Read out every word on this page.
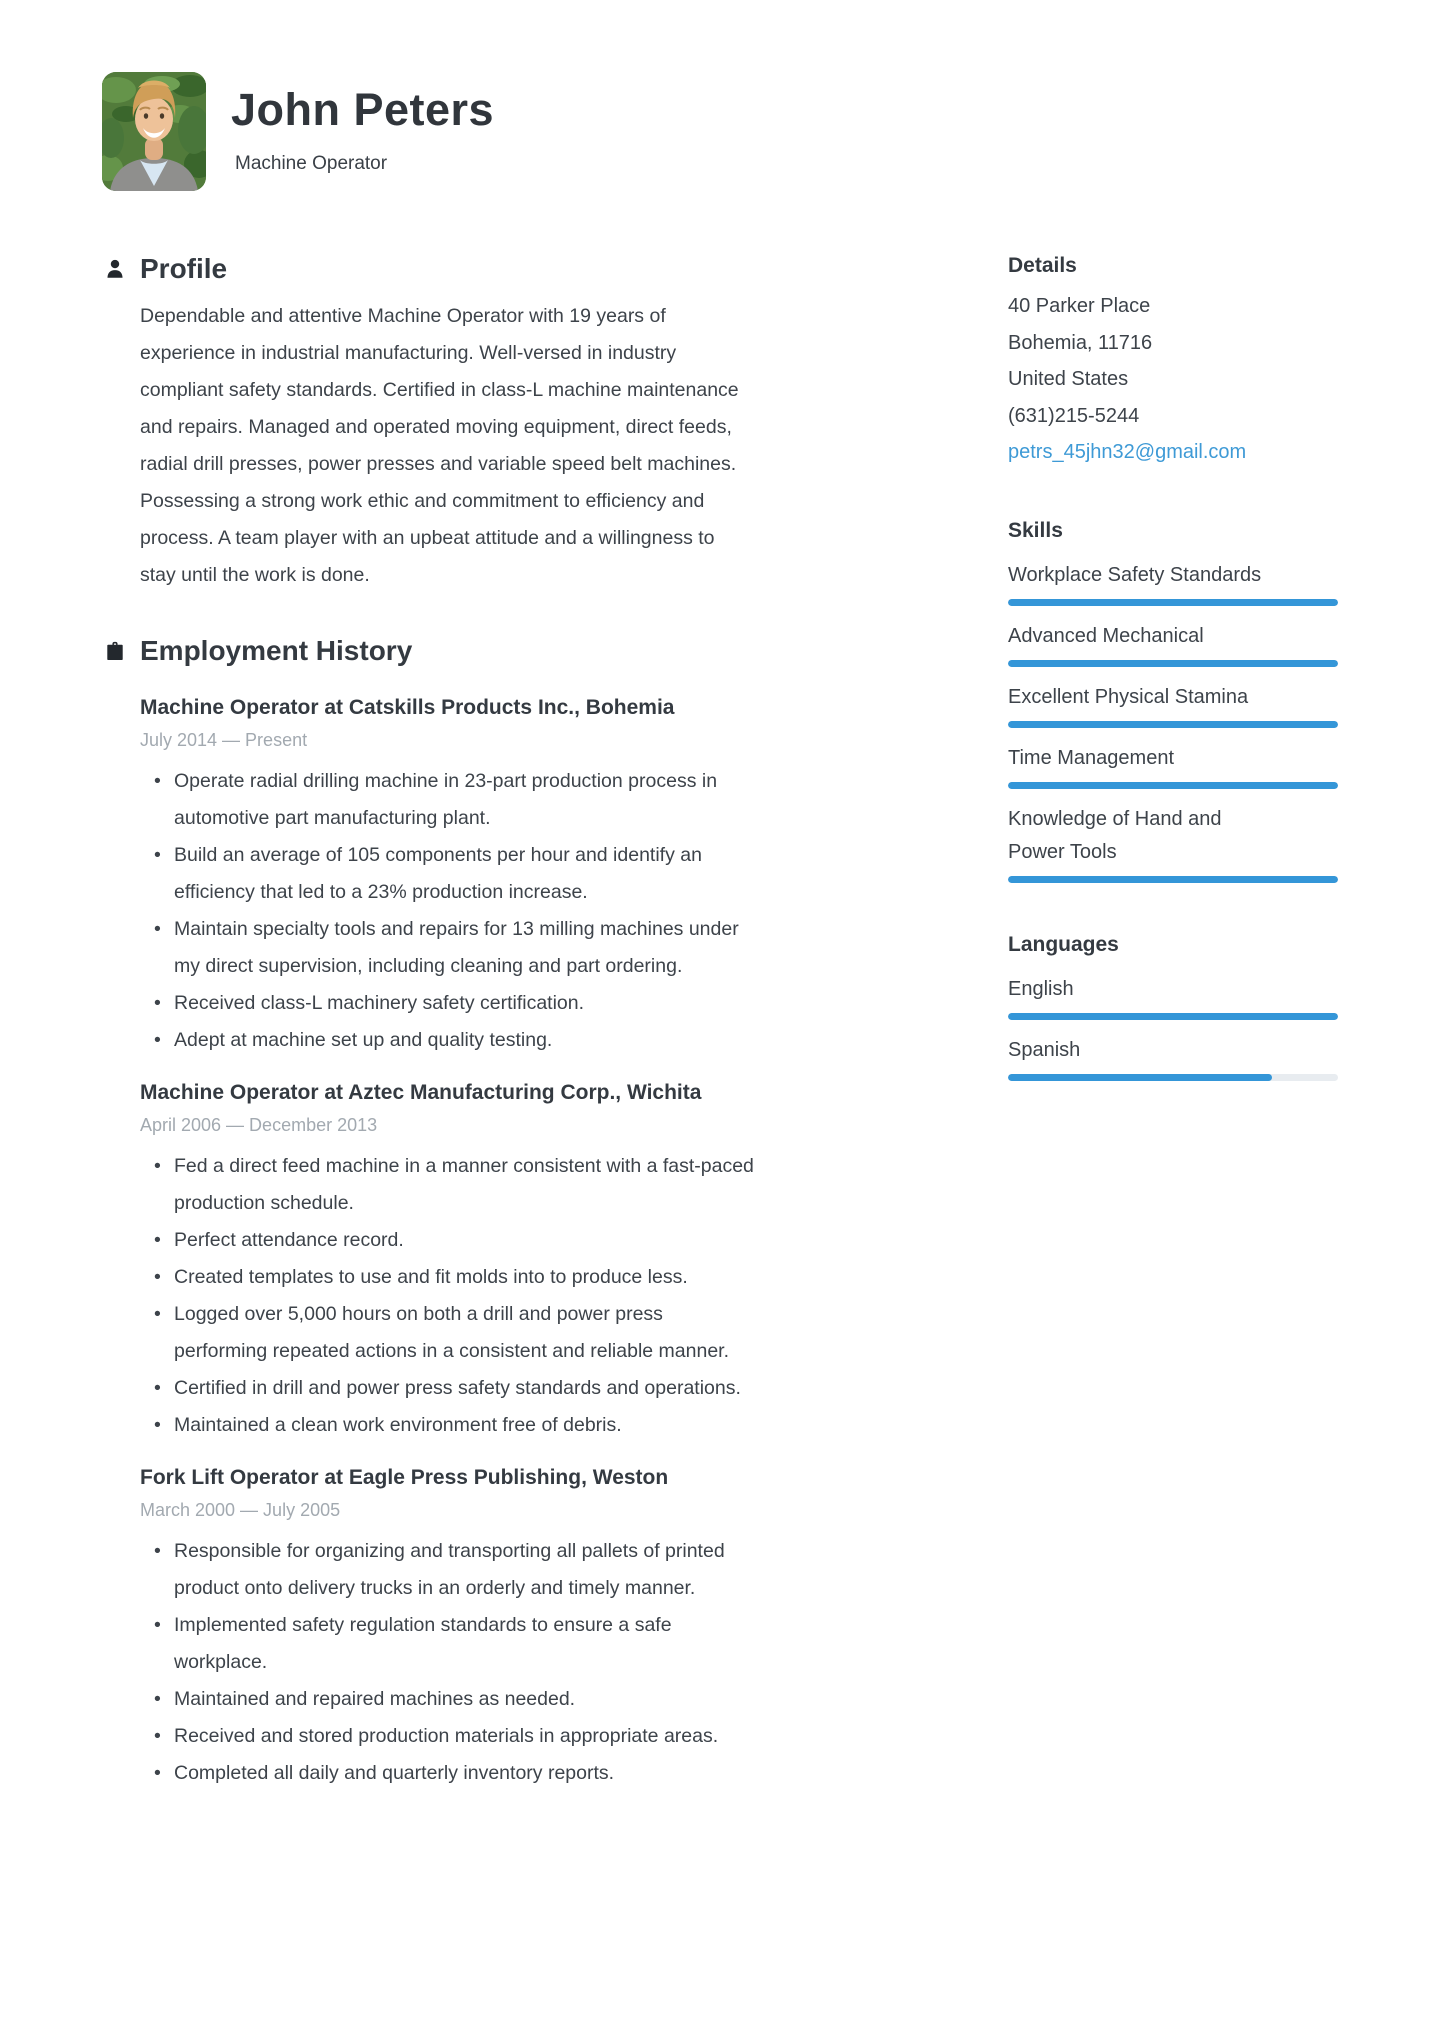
John Peters
Machine Operator
Profile

Dependable and attentive Machine Operator with 19 years of experience in industrial manufacturing. Well-versed in industry compliant safety standards. Certified in class-L machine maintenance and repairs. Managed and operated moving equipment, direct feeds, radial drill presses, power presses and variable speed belt machines. Possessing a strong work ethic and commitment to efficiency and process. A team player with an upbeat attitude and a willingness to stay until the work is done.

Employment History
Machine Operator at Catskills Products Inc., Bohemia
July 2014 — Present
• Operate radial drilling machine in 23-part production process in automotive part manufacturing plant.
• Build an average of 105 components per hour and identify an efficiency that led to a 23% production increase.
• Maintain specialty tools and repairs for 13 milling machines under my direct supervision, including cleaning and part ordering.
• Received class-L machinery safety certification.
• Adept at machine set up and quality testing.
Machine Operator at Aztec Manufacturing Corp., Wichita
April 2006 — December 2013
• Fed a direct feed machine in a manner consistent with a fast-paced production schedule.
• Perfect attendance record.
• Created templates to use and fit molds into to produce less.
• Logged over 5,000 hours on both a drill and power press performing repeated actions in a consistent and reliable manner.
• Certified in drill and power press safety standards and operations.
• Maintained a clean work environment free of debris.
Fork Lift Operator at Eagle Press Publishing, Weston
March 2000 — July 2005
• Responsible for organizing and transporting all pallets of printed product onto delivery trucks in an orderly and timely manner.
• Implemented safety regulation standards to ensure a safe workplace.
• Maintained and repaired machines as needed.
• Received and stored production materials in appropriate areas.
• Completed all daily and quarterly inventory reports.
Details
40 Parker Place
Bohemia, 11716
United States
(631)215-5244
petrs_45jhn32@gmail.com
Skills
Workplace Safety Standards
Advanced Mechanical
Excellent Physical Stamina
Time Management
Knowledge of Hand and Power Tools
Languages
English
Spanish
